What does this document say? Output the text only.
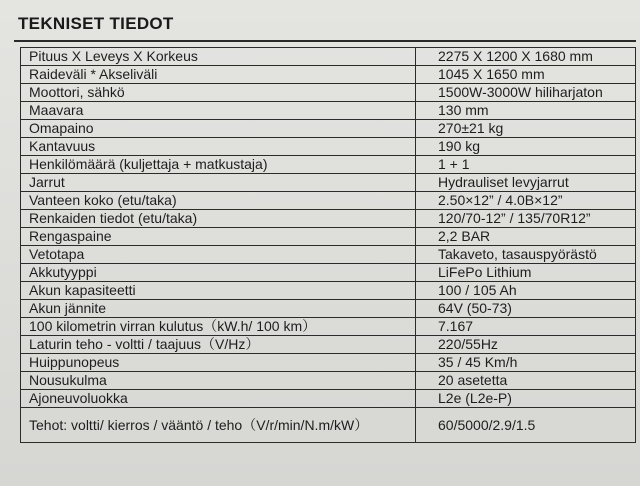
TEKNISET TIEDOT
Pituus X Leveys X Korkeus	2275 X 1200 X 1680 mm
Raideväli * Akseliväli	1045 X 1650 mm
Moottori, sähkö	1500W-3000W hiliharjaton
Maavara	130 mm
Omapaino	270±21 kg
Kantavuus	190 kg
Henkilömäärä (kuljettaja + matkustaja)	1 + 1
Jarrut	Hydrauliset levyjarrut
Vanteen koko (etu/taka)	2.50×12” / 4.0B×12”
Renkaiden tiedot (etu/taka)	120/70-12” / 135/70R12”
Rengaspaine	2,2 BAR
Vetotapa	Takaveto, tasauspyörästö
Akkutyyppi	LiFePo Lithium
Akun kapasiteetti	100 / 105 Ah
Akun jännite	64V (50-73)
100 kilometrin virran kulutus（kW.h/ 100 km）	7.167
Laturin teho - voltti / taajuus（V/Hz）	220/55Hz
Huippunopeus	35 / 45 Km/h
Nousukulma	20 asetetta
Ajoneuvoluokka	L2e (L2e-P)
Tehot: voltti/ kierros / vääntö / teho（V/r/min/N.m/kW）	60/5000/2.9/1.5
